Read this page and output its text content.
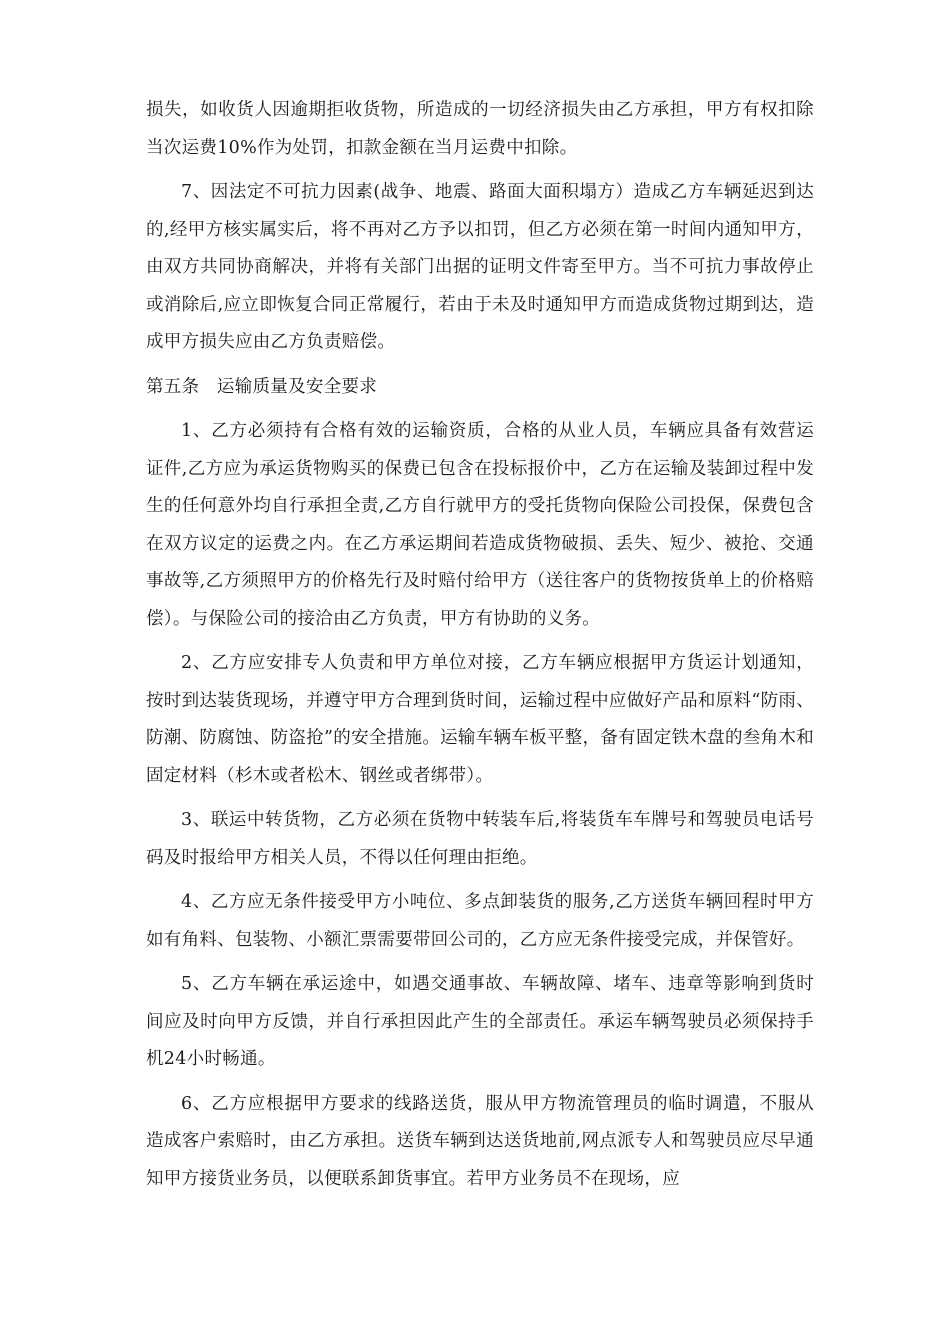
损失，如收货人因逾期拒收货物，所造成的一切经济损失由乙方承担，甲方有权扣除当次运费10%作为处罚，扣款金额在当月运费中扣除。

7、因法定不可抗力因素(战争、地震、路面大面积塌方）造成乙方车辆延迟到达的,经甲方核实属实后，将不再对乙方予以扣罚，但乙方必须在第一时间内通知甲方，由双方共同协商解决，并将有关部门出据的证明文件寄至甲方。当不可抗力事故停止或消除后,应立即恢复合同正常履行，若由于未及时通知甲方而造成货物过期到达，造成甲方损失应由乙方负责赔偿。

第五条 运输质量及安全要求

1、乙方必须持有合格有效的运输资质，合格的从业人员，车辆应具备有效营运证件,乙方应为承运货物购买的保费已包含在投标报价中，乙方在运输及装卸过程中发生的任何意外均自行承担全责,乙方自行就甲方的受托货物向保险公司投保，保费包含在双方议定的运费之内。在乙方承运期间若造成货物破损、丢失、短少、被抢、交通事故等,乙方须照甲方的价格先行及时赔付给甲方（送往客户的货物按货单上的价格赔偿）。与保险公司的接洽由乙方负责，甲方有协助的义务。

2、乙方应安排专人负责和甲方单位对接，乙方车辆应根据甲方货运计划通知，按时到达装货现场，并遵守甲方合理到货时间，运输过程中应做好产品和原料“防雨、防潮、防腐蚀、防盗抢”的安全措施。运输车辆车板平整，备有固定铁木盘的叁角木和固定材料（杉木或者松木、钢丝或者绑带）。

3、联运中转货物，乙方必须在货物中转装车后,将装货车车牌号和驾驶员电话号码及时报给甲方相关人员，不得以任何理由拒绝。

4、乙方应无条件接受甲方小吨位、多点卸装货的服务,乙方送货车辆回程时甲方如有角料、包装物、小额汇票需要带回公司的，乙方应无条件接受完成，并保管好。

5、乙方车辆在承运途中，如遇交通事故、车辆故障、堵车、违章等影响到货时间应及时向甲方反馈，并自行承担因此产生的全部责任。承运车辆驾驶员必须保持手机24小时畅通。

6、乙方应根据甲方要求的线路送货，服从甲方物流管理员的临时调遣，不服从造成客户索赔时，由乙方承担。送货车辆到达送货地前,网点派专人和驾驶员应尽早通知甲方接货业务员，以便联系卸货事宜。若甲方业务员不在现场，应
